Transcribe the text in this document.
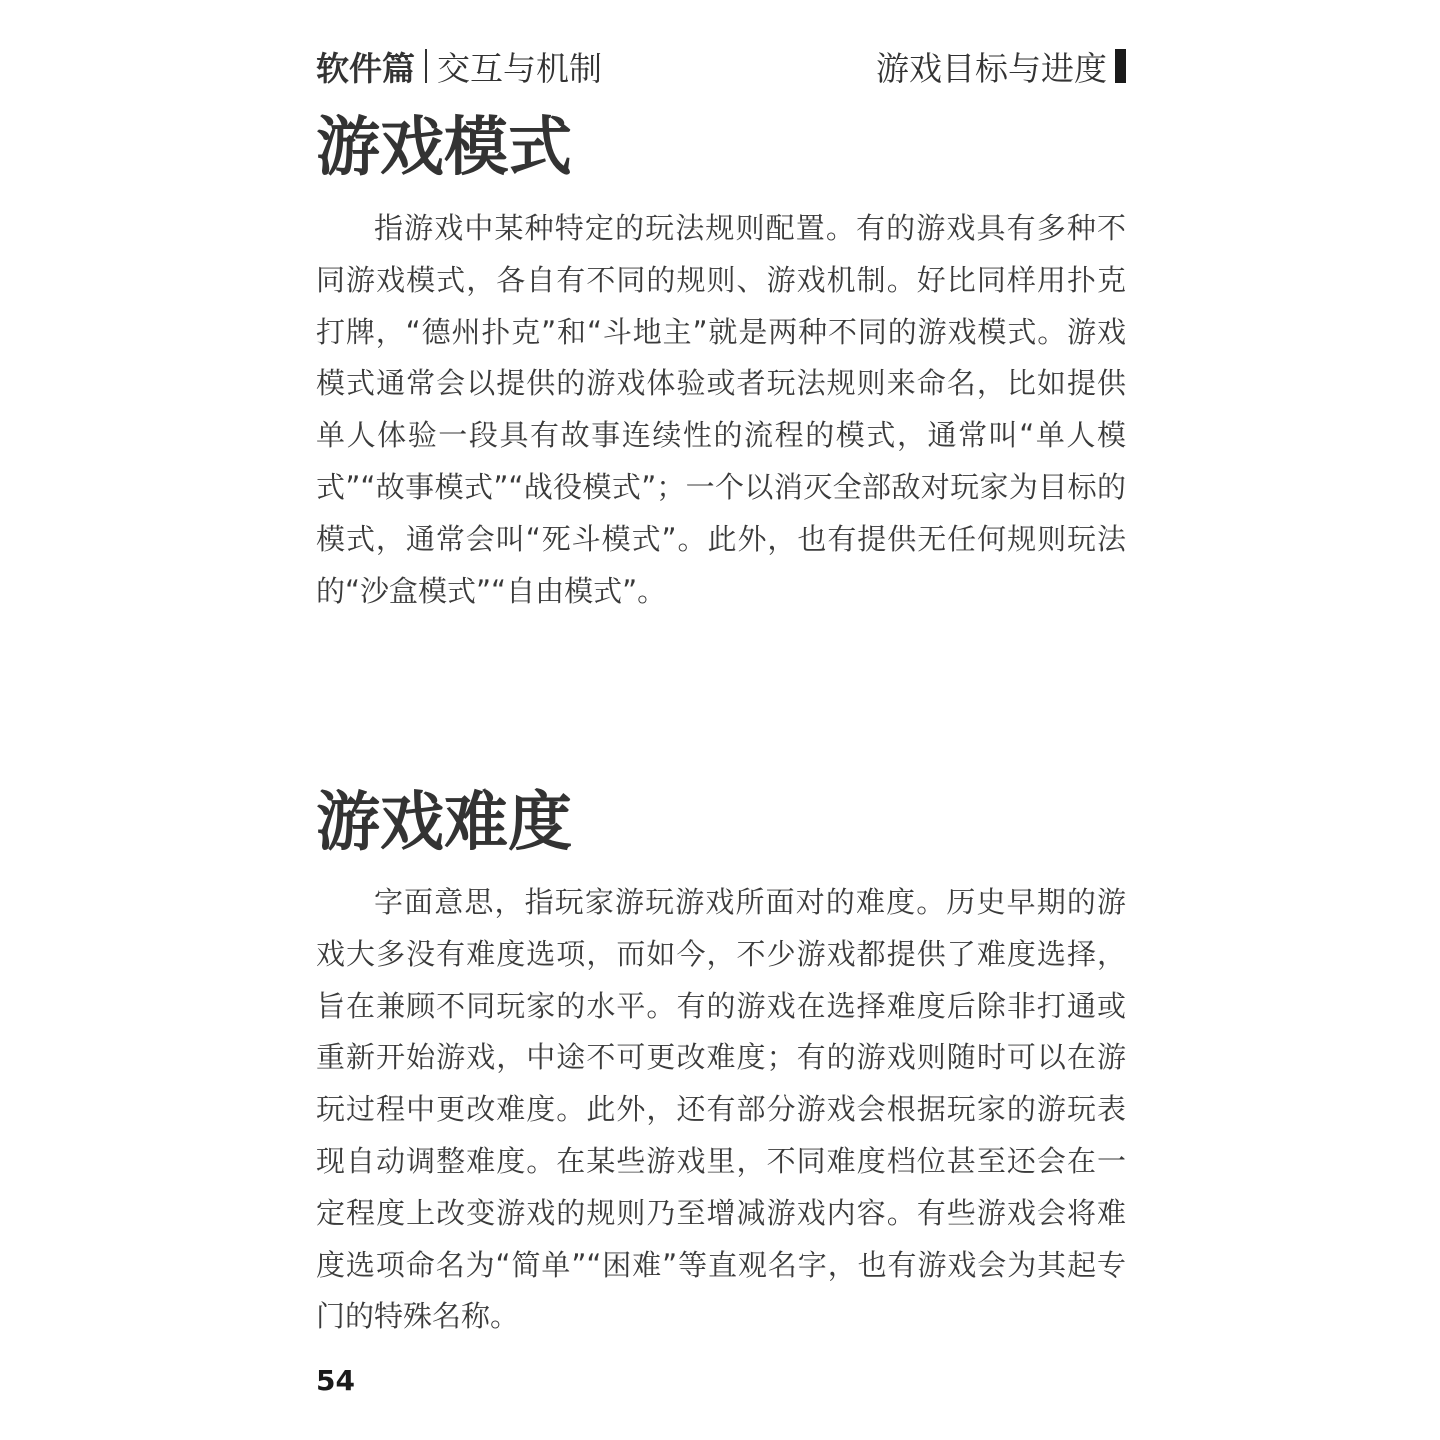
软件篇 交互与机制	游戏目标与进度
游戏模式

指游戏中某种特定的玩法规则配置。有的游戏具有多种不同游戏模式，各自有不同的规则、游戏机制。好比同样用扑克打牌，“德州扑克”和“斗地主”就是两种不同的游戏模式。游戏模式通常会以提供的游戏体验或者玩法规则来命名，比如提供单人体验一段具有故事连续性的流程的模式，通常叫“单人模式”“故事模式”“战役模式”；一个以消灭全部敌对玩家为目标的模式，通常会叫“死斗模式”。此外，也有提供无任何规则玩法的“沙盒模式”“自由模式”。

游戏难度

字面意思，指玩家游玩游戏所面对的难度。历史早期的游戏大多没有难度选项，而如今，不少游戏都提供了难度选择，旨在兼顾不同玩家的水平。有的游戏在选择难度后除非打通或重新开始游戏，中途不可更改难度；有的游戏则随时可以在游玩过程中更改难度。此外，还有部分游戏会根据玩家的游玩表现自动调整难度。在某些游戏里，不同难度档位甚至还会在一定程度上改变游戏的规则乃至增减游戏内容。有些游戏会将难度选项命名为“简单”“困难”等直观名字，也有游戏会为其起专门的特殊名称。

54
